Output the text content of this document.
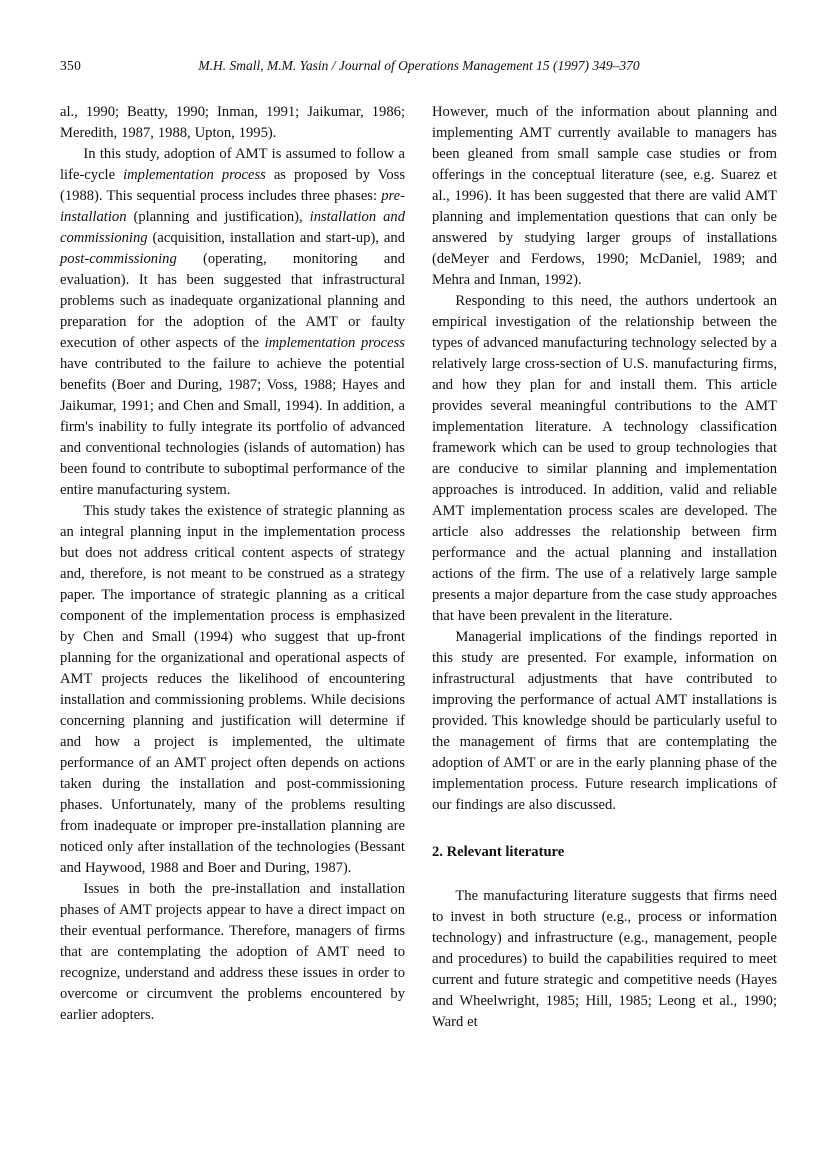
350	M.H. Small, M.M. Yasin / Journal of Operations Management 15 (1997) 349–370

al., 1990; Beatty, 1990; Inman, 1991; Jaikumar, 1986; Meredith, 1987, 1988, Upton, 1995).

In this study, adoption of AMT is assumed to follow a life-cycle implementation process as proposed by Voss (1988). This sequential process includes three phases: pre-installation (planning and justification), installation and commissioning (acquisition, installation and start-up), and post-commissioning (operating, monitoring and evaluation). It has been suggested that infrastructural problems such as inadequate organizational planning and preparation for the adoption of the AMT or faulty execution of other aspects of the implementation process have contributed to the failure to achieve the potential benefits (Boer and During, 1987; Voss, 1988; Hayes and Jaikumar, 1991; and Chen and Small, 1994). In addition, a firm's inability to fully integrate its portfolio of advanced and conventional technologies (islands of automation) has been found to contribute to suboptimal performance of the entire manufacturing system.

This study takes the existence of strategic planning as an integral planning input in the implementation process but does not address critical content aspects of strategy and, therefore, is not meant to be construed as a strategy paper. The importance of strategic planning as a critical component of the implementation process is emphasized by Chen and Small (1994) who suggest that up-front planning for the organizational and operational aspects of AMT projects reduces the likelihood of encountering installation and commissioning problems. While decisions concerning planning and justification will determine if and how a project is implemented, the ultimate performance of an AMT project often depends on actions taken during the installation and post-commissioning phases. Unfortunately, many of the problems resulting from inadequate or improper pre-installation planning are noticed only after installation of the technologies (Bessant and Haywood, 1988 and Boer and During, 1987).

Issues in both the pre-installation and installation phases of AMT projects appear to have a direct impact on their eventual performance. Therefore, managers of firms that are contemplating the adoption of AMT need to recognize, understand and address these issues in order to overcome or circumvent the problems encountered by earlier adopters.

However, much of the information about planning and implementing AMT currently available to managers has been gleaned from small sample case studies or from offerings in the conceptual literature (see, e.g. Suarez et al., 1996). It has been suggested that there are valid AMT planning and implementation questions that can only be answered by studying larger groups of installations (deMeyer and Ferdows, 1990; McDaniel, 1989; and Mehra and Inman, 1992).

Responding to this need, the authors undertook an empirical investigation of the relationship between the types of advanced manufacturing technology selected by a relatively large cross-section of U.S. manufacturing firms, and how they plan for and install them. This article provides several meaningful contributions to the AMT implementation literature. A technology classification framework which can be used to group technologies that are conducive to similar planning and implementation approaches is introduced. In addition, valid and reliable AMT implementation process scales are developed. The article also addresses the relationship between firm performance and the actual planning and installation actions of the firm. The use of a relatively large sample presents a major departure from the case study approaches that have been prevalent in the literature.

Managerial implications of the findings reported in this study are presented. For example, information on infrastructural adjustments that have contributed to improving the performance of actual AMT installations is provided. This knowledge should be particularly useful to the management of firms that are contemplating the adoption of AMT or are in the early planning phase of the implementation process. Future research implications of our findings are also discussed.

2. Relevant literature

The manufacturing literature suggests that firms need to invest in both structure (e.g., process or information technology) and infrastructure (e.g., management, people and procedures) to build the capabilities required to meet current and future strategic and competitive needs (Hayes and Wheelwright, 1985; Hill, 1985; Leong et al., 1990; Ward et
